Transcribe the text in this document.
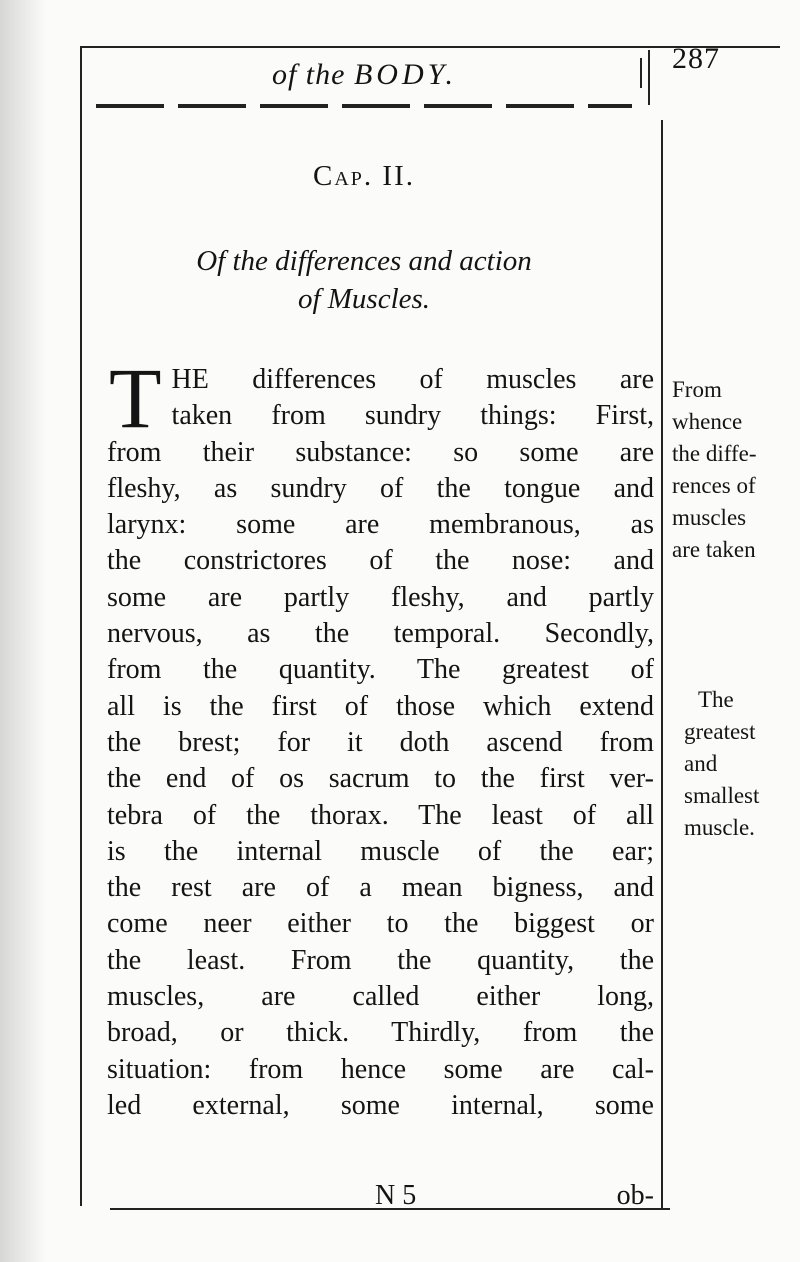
of the BODY.	287
Cap. II.
Of the differences and action
of Muscles.
T HE differences of muscles are
taken from sundry things: First,
from their substance: so some are
fleshy, as sundry of the tongue and
larynx: some are membranous, as
the constrictores of the nose: and
some are partly fleshy, and partly
nervous, as the temporal. Secondly,
from the quantity. The greatest of
all is the first of those which extend
the brest; for it doth ascend from
the end of os sacrum to the first ver-
tebra of the thorax. The least of all
is the internal muscle of the ear;
the rest are of a mean bigness, and
come neer either to the biggest or
the least. From the quantity, the
muscles, are called either long,
broad, or thick. Thirdly, from the
situation: from hence some are cal-
led external, some internal, some
N 5	ob-
From
whence
the diffe-
rences of
muscles
are taken
The
greatest
and
smallest
muscle.
